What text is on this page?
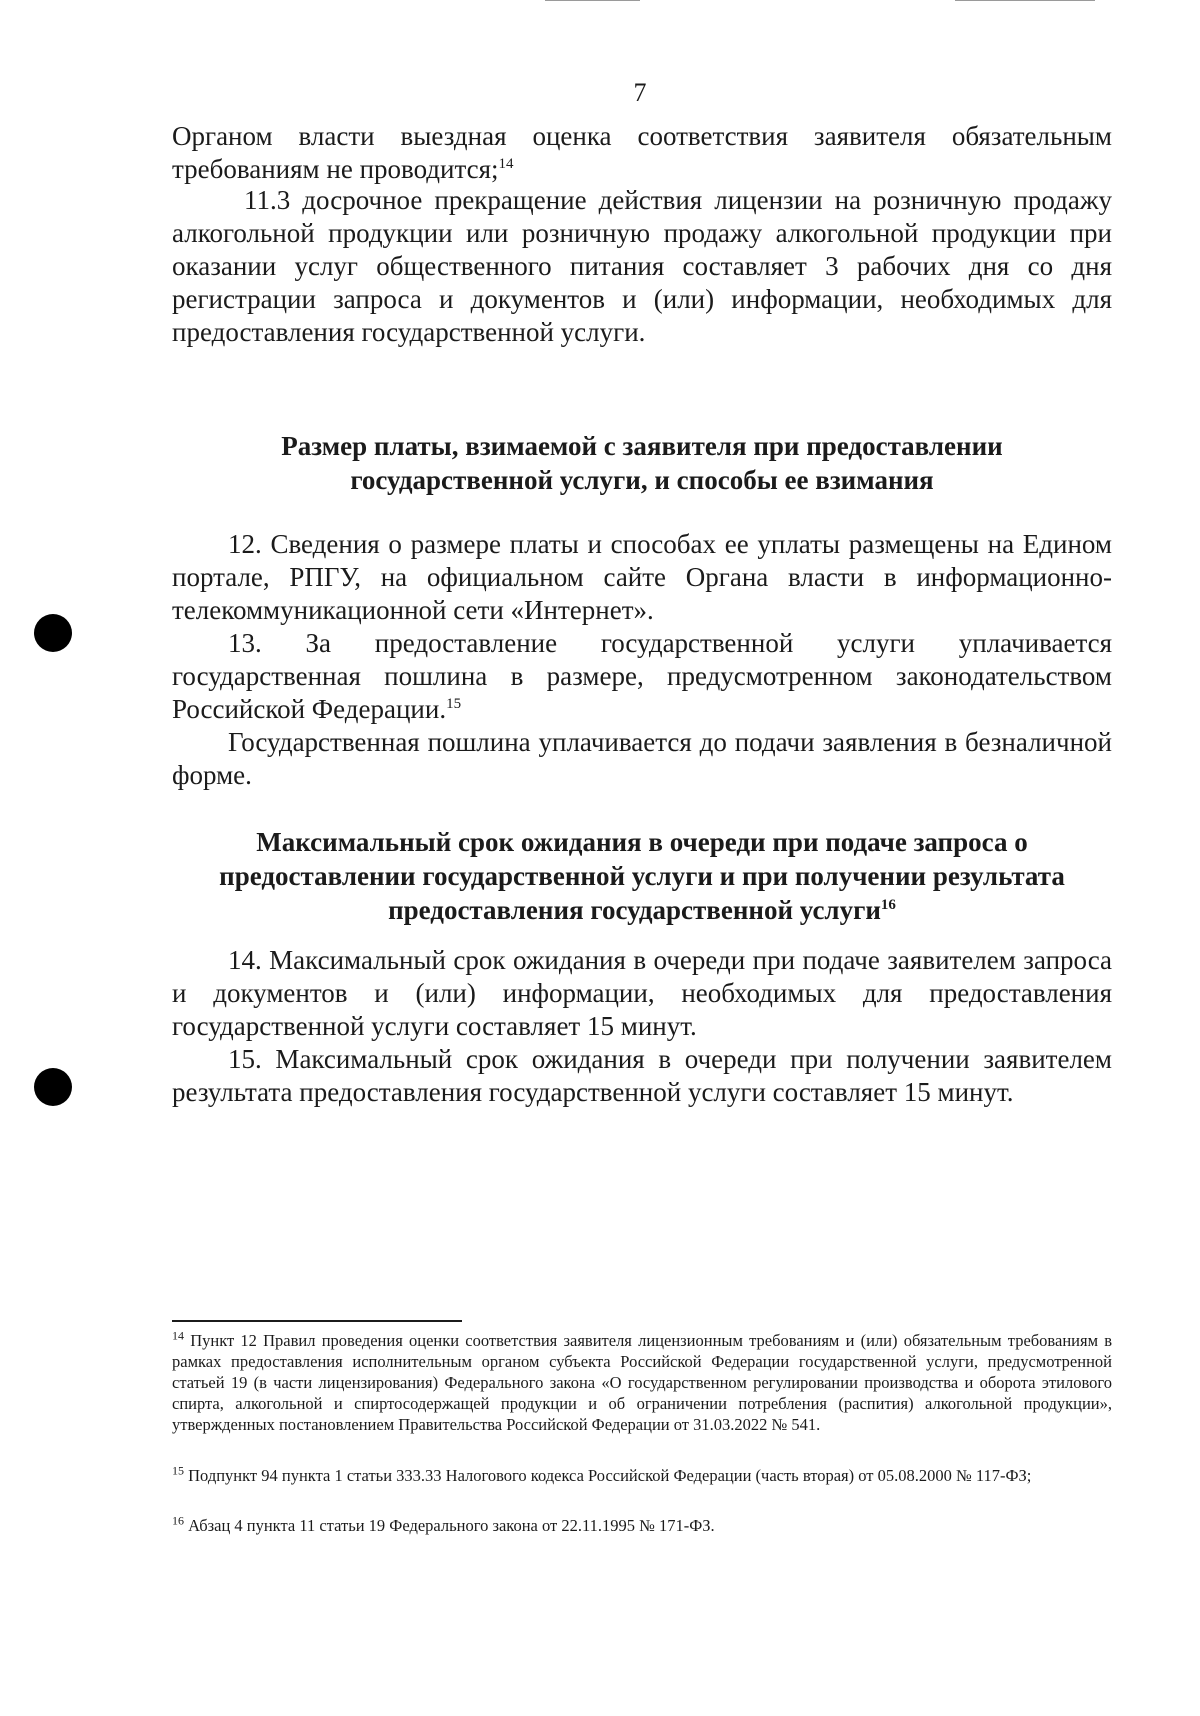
7

Органом власти выездная оценка соответствия заявителя обязательным требованиям не проводится;$^{14}$

11.3 досрочное прекращение действия лицензии на розничную продажу алкогольной продукции или розничную продажу алкогольной продукции при оказании услуг общественного питания составляет 3 рабочих дня со дня регистрации запроса и документов и (или) информации, необходимых для предоставления государственной услуги.

Размер платы, взимаемой с заявителя при предоставлении
государственной услуги, и способы ее взимания

12. Сведения о размере платы и способах ее уплаты размещены на Едином портале, РПГУ, на официальном сайте Органа власти в информационно-телекоммуникационной сети «Интернет».

13. За предоставление государственной услуги уплачивается государственная пошлина в размере, предусмотренном законодательством Российской Федерации.$^{15}$

Государственная пошлина уплачивается до подачи заявления в безналичной форме.

Максимальный срок ожидания в очереди при подаче запроса о
предоставлении государственной услуги и при получении результата
предоставления государственной услуги$^{16}$

14. Максимальный срок ожидания в очереди при подаче заявителем запроса и документов и (или) информации, необходимых для предоставления государственной услуги составляет 15 минут.

15. Максимальный срок ожидания в очереди при получении заявителем результата предоставления государственной услуги составляет 15 минут.

$^{14}$ Пункт 12 Правил проведения оценки соответствия заявителя лицензионным требованиям и (или) обязательным требованиям в рамках предоставления исполнительным органом субъекта Российской Федерации государственной услуги, предусмотренной статьей 19 (в части лицензирования) Федерального закона «О государственном регулировании производства и оборота этилового спирта, алкогольной и спиртосодержащей продукции и об ограничении потребления (распития) алкогольной продукции», утвержденных постановлением Правительства Российской Федерации от 31.03.2022 № 541.

$^{15}$ Подпункт 94 пункта 1 статьи 333.33 Налогового кодекса Российской Федерации (часть вторая) от 05.08.2000 № 117-ФЗ;

$^{16}$ Абзац 4 пункта 11 статьи 19 Федерального закона от 22.11.1995 № 171-ФЗ.
